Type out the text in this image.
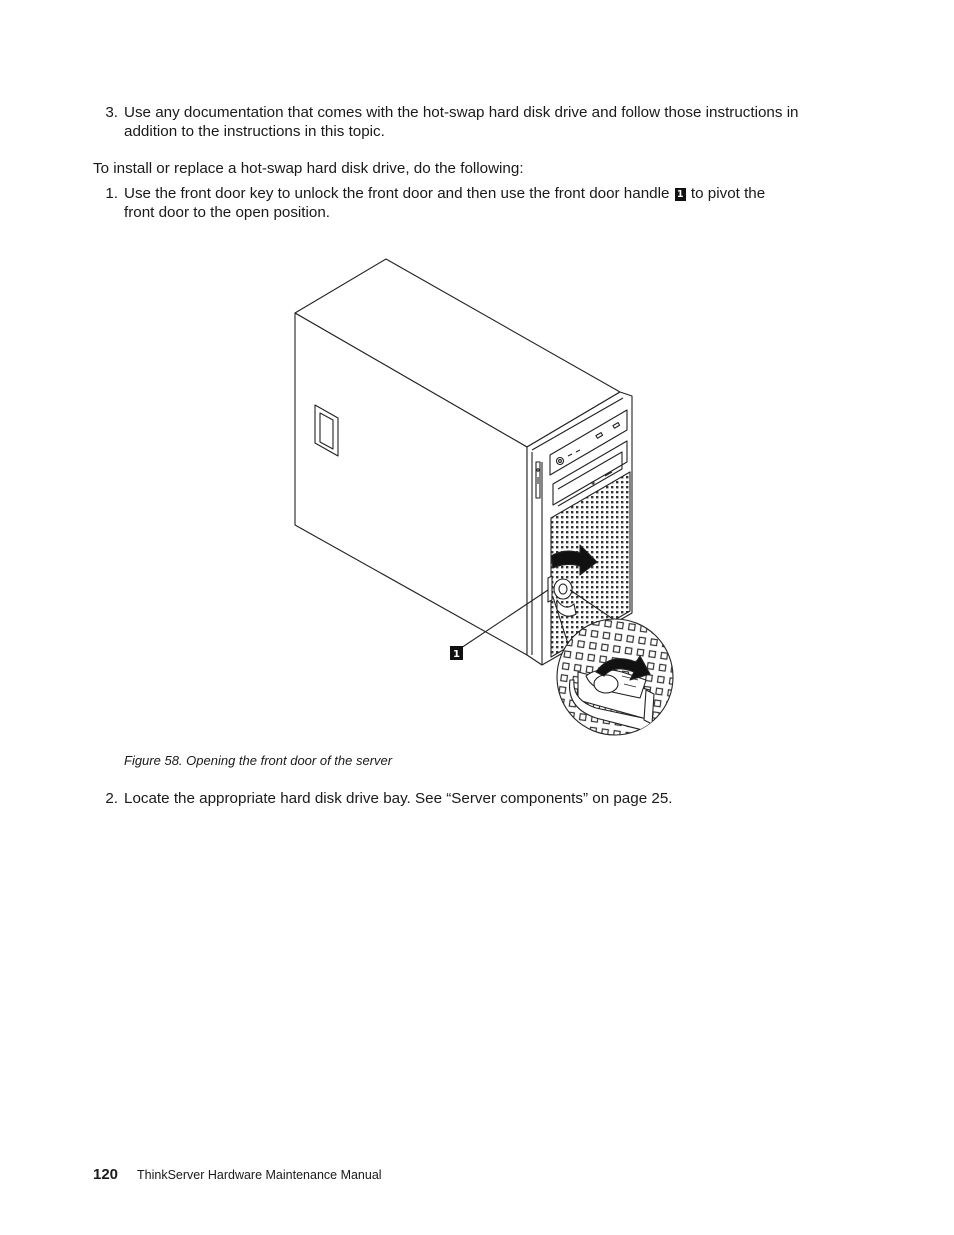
3. Use any documentation that comes with the hot-swap hard disk drive and follow those instructions in
addition to the instructions in this topic.
To install or replace a hot-swap hard disk drive, do the following:
1. Use the front door key to unlock the front door and then use the front door handle 1 to pivot the
front door to the open position.
1
Figure 58. Opening the front door of the server
2. Locate the appropriate hard disk drive bay. See “Server components” on page 25.
120 ThinkServer Hardware Maintenance Manual
